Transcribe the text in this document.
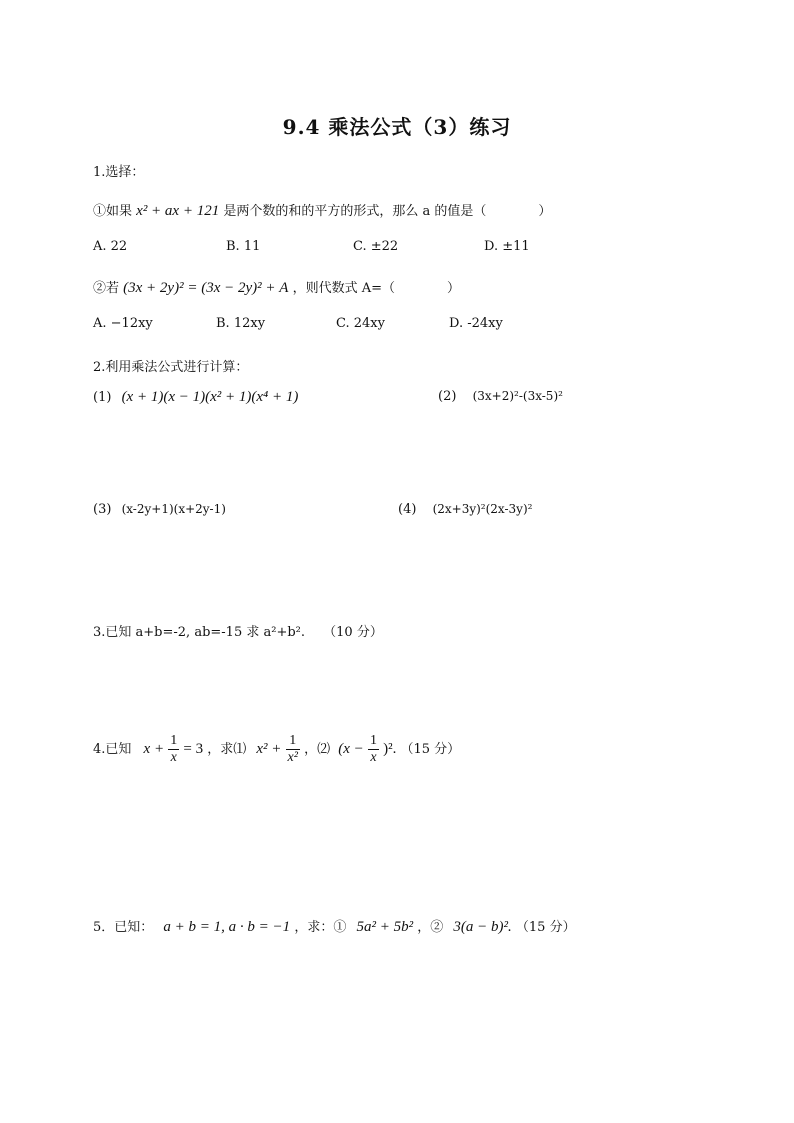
9.4 乘法公式（3）练习
1.选择：
①如果 x² + ax + 121 是两个数的和的平方的形式，那么 a 的值是（　　　　）
A. 22	B. 11	C. ±22	D. ±11
②若 (3x + 2y)² = (3x − 2y)² + A ，则代数式 A=（　　　　）
A. −12xy	B. 12xy	C. 24xy	D. -24xy
2.利用乘法公式进行计算：
(1) (x + 1)(x − 1)(x² + 1)(x⁴ + 1)	(2) (3x+2)²-(3x-5)²
(3) (x-2y+1)(x+2y-1)	(4) (2x+3y)²(2x-3y)²
3.已知 a+b=-2, ab=-15 求 a²+b². （10 分）
4.已知 $x + \frac{1}{x} = 3$ ，求⑴ $x^2 + \frac{1}{\text{x²}}$ ，⑵ $(x - \frac{1}{x} )^2$. （15 分）
5．已知： a + b = 1, a · b = −1 ，求：① 5a² + 5b² ，② 3(a − b)². （15 分）
